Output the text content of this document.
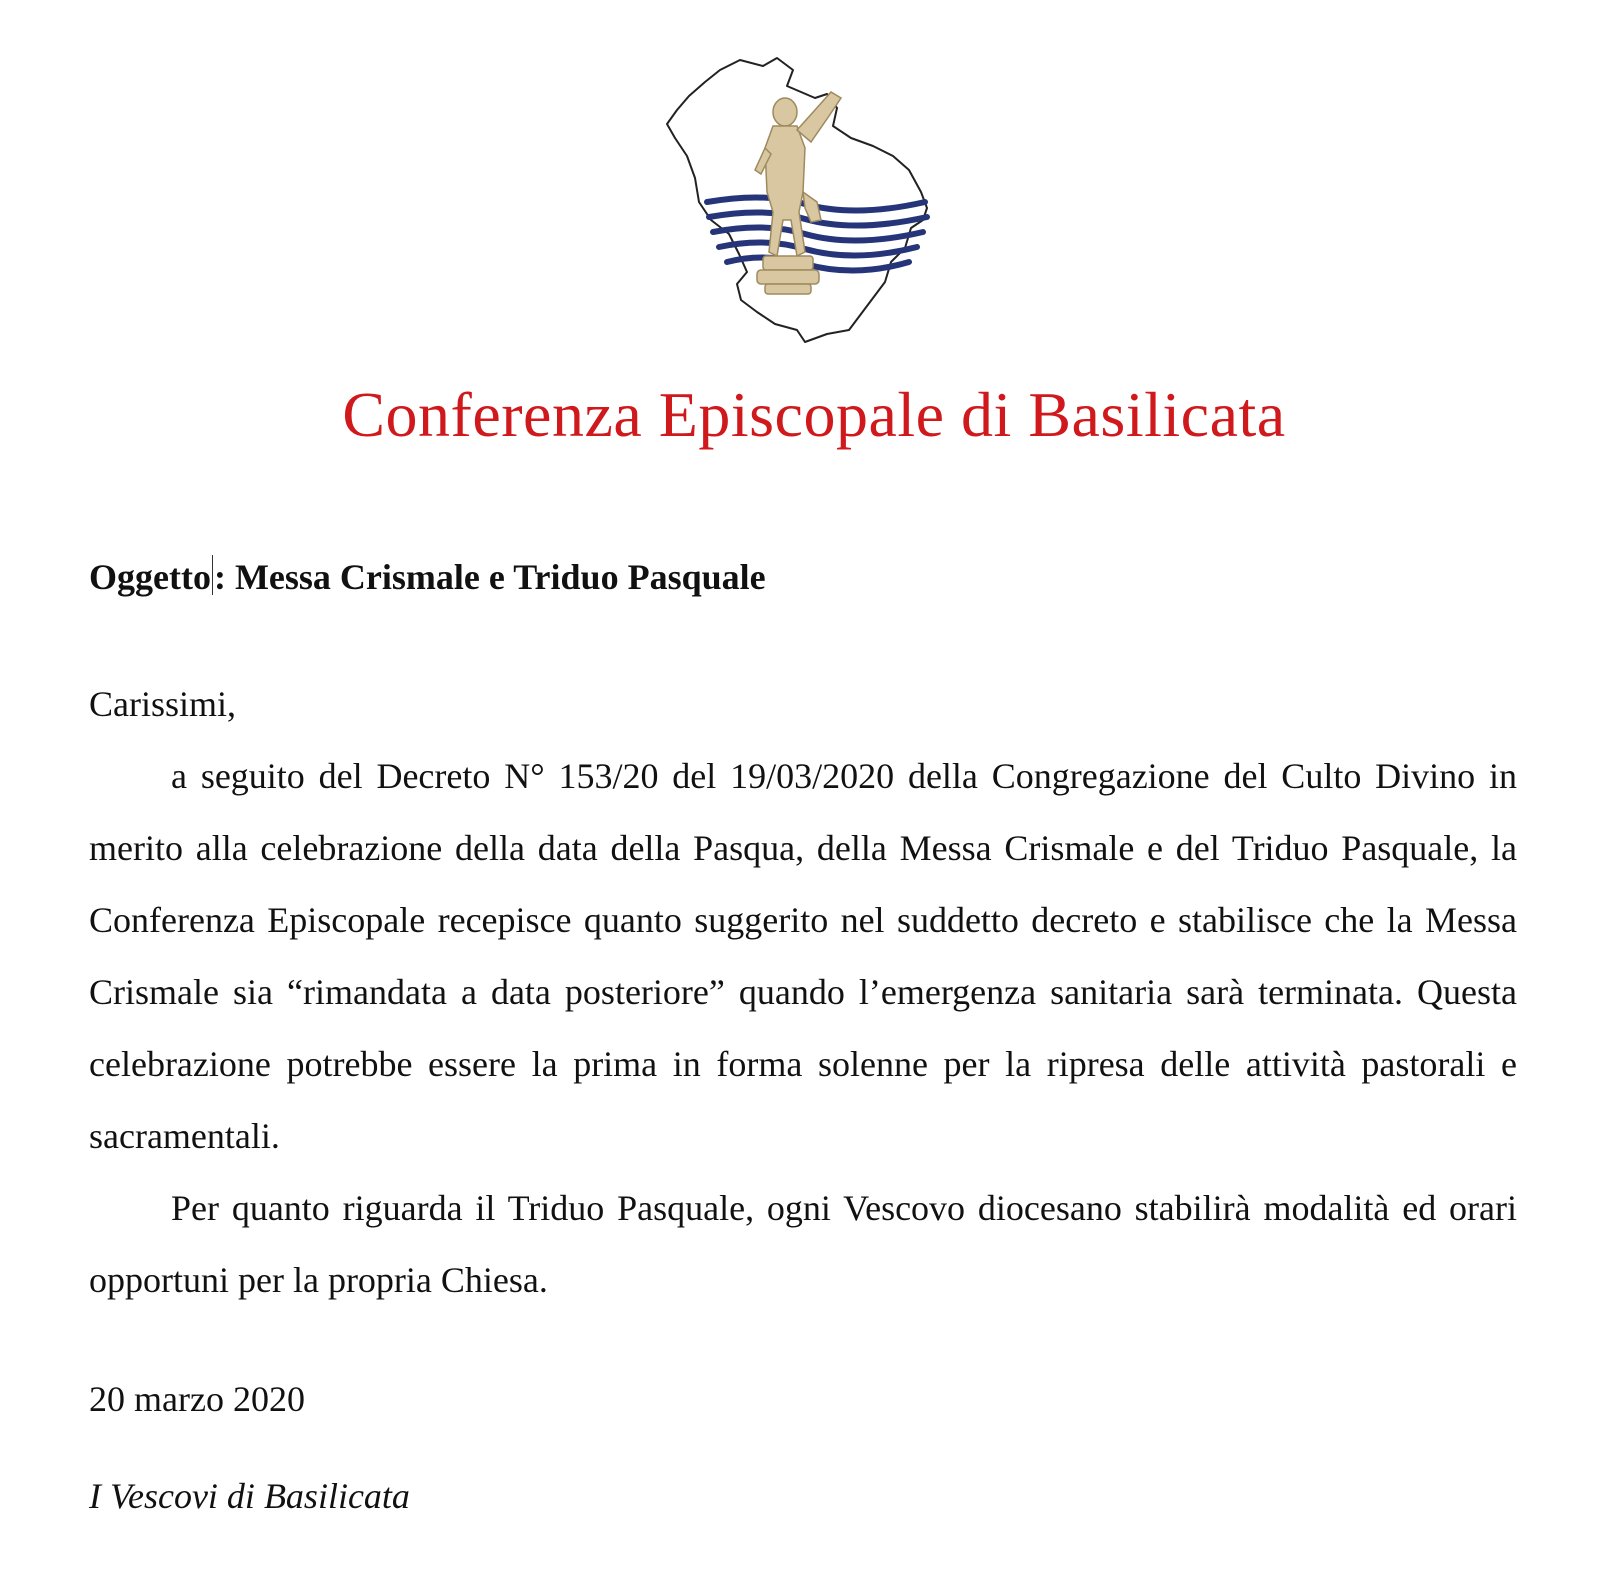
Conferenza Episcopale di Basilicata
Oggetto: Messa Crismale e Triduo Pasquale

Carissimi,

a seguito del Decreto N° 153/20 del 19/03/2020 della Congregazione del Culto Divino in merito alla celebrazione della data della Pasqua, della Messa Crismale e del Triduo Pasquale, la Conferenza Episcopale recepisce quanto suggerito nel suddetto decreto e stabilisce che la Messa Crismale sia “rimandata a data posteriore” quando l’emergenza sanitaria sarà terminata. Questa celebrazione potrebbe essere la prima in forma solenne per la ripresa delle attività pastorali e sacramentali.

Per quanto riguarda il Triduo Pasquale, ogni Vescovo diocesano stabilirà modalità ed orari opportuni per la propria Chiesa.

20 marzo 2020
I Vescovi di Basilicata
